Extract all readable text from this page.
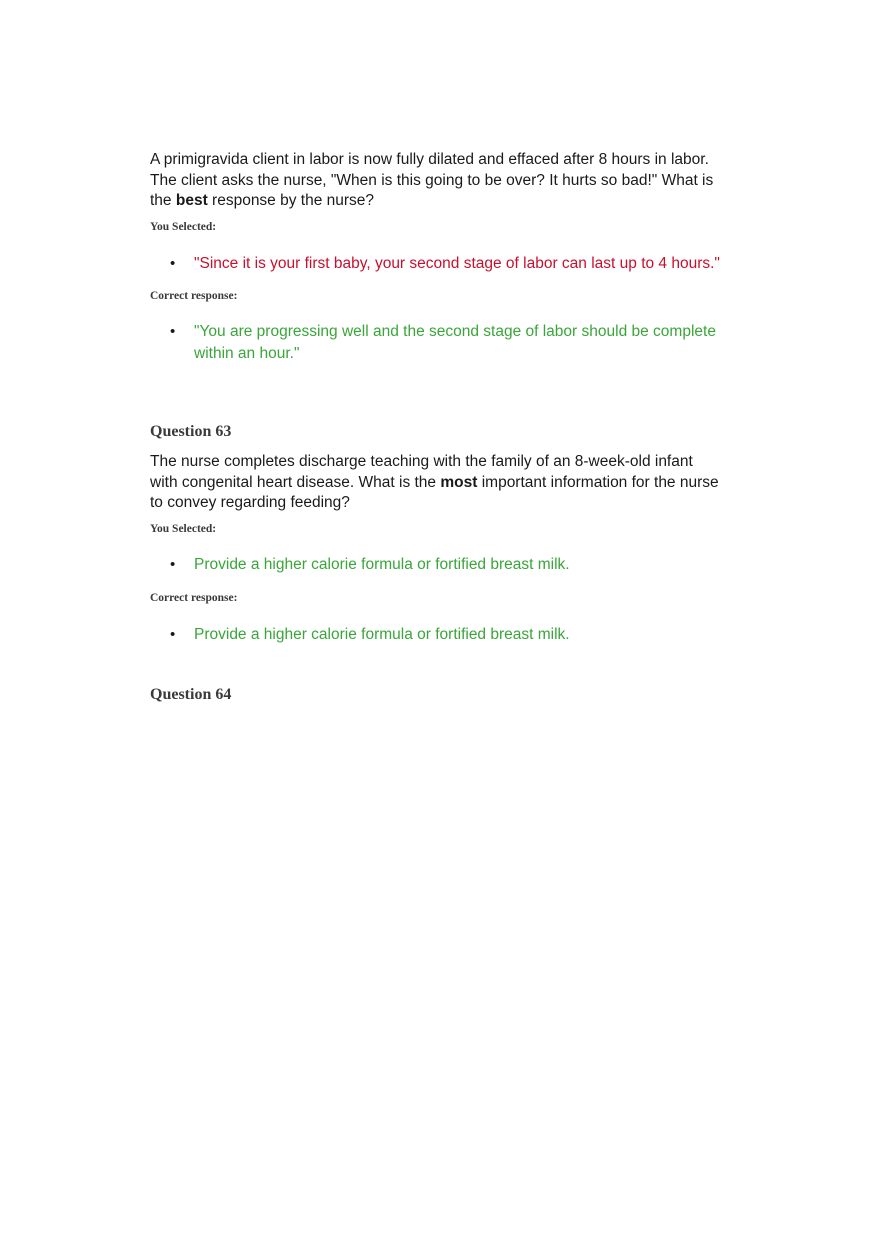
A primigravida client in labor is now fully dilated and effaced after 8 hours in labor. The client asks the nurse, "When is this going to be over? It hurts so bad!" What is the best response by the nurse?

You Selected:

• "Since it is your first baby, your second stage of labor can last up to 4 hours."

Correct response:

• "You are progressing well and the second stage of labor should be complete within an hour."

Question 63

The nurse completes discharge teaching with the family of an 8-week-old infant with congenital heart disease. What is the most important information for the nurse to convey regarding feeding?

You Selected:

• Provide a higher calorie formula or fortified breast milk.

Correct response:

• Provide a higher calorie formula or fortified breast milk.

Question 64
